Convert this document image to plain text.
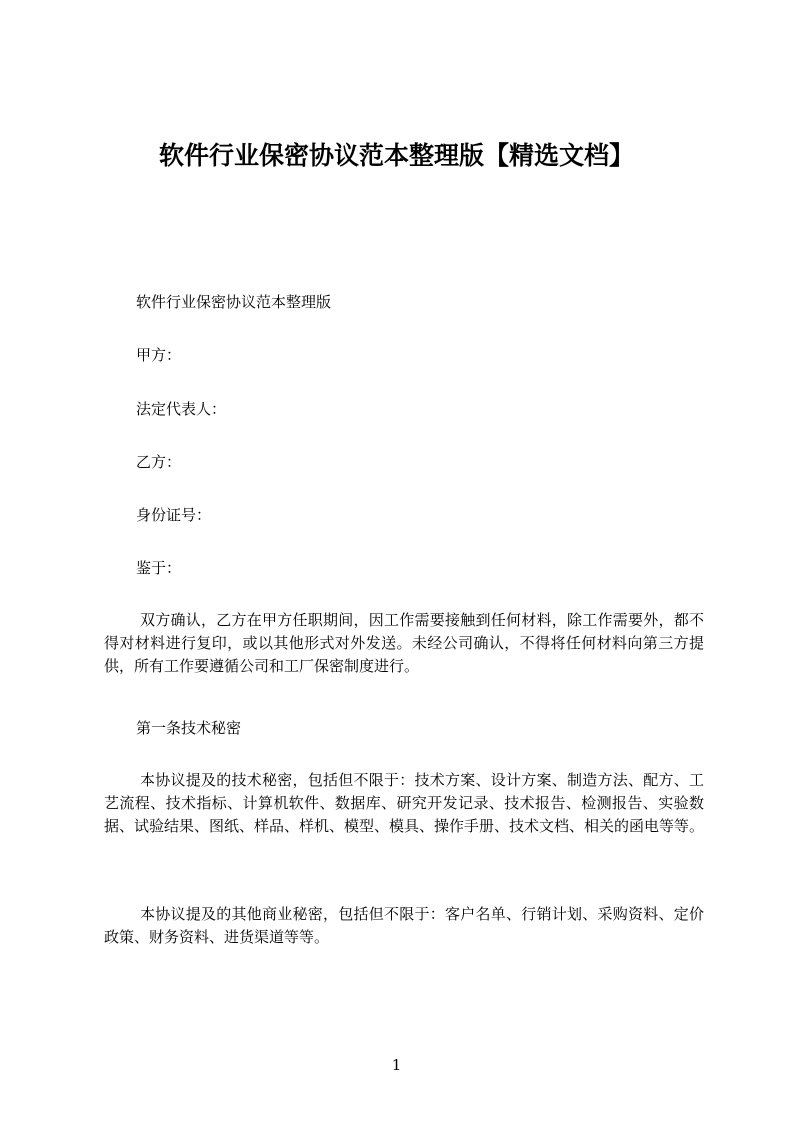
软件行业保密协议范本整理版【精选文档】
软件行业保密协议范本整理版
甲方：
法定代表人：
乙方：
身份证号：
鉴于：
双方确认，乙方在甲方任职期间，因工作需要接触到任何材料，除工作需要外，都不得对材料进行复印，或以其他形式对外发送。未经公司确认，不得将任何材料向第三方提供，所有工作要遵循公司和工厂保密制度进行。
第一条技术秘密
本协议提及的技术秘密，包括但不限于：技术方案、设计方案、制造方法、配方、工艺流程、技术指标、计算机软件、数据库、研究开发记录、技术报告、检测报告、实验数据、试验结果、图纸、样品、样机、模型、模具、操作手册、技术文档、相关的函电等等。
本协议提及的其他商业秘密，包括但不限于：客户名单、行销计划、采购资料、定价政策、财务资料、进货渠道等等。
1
